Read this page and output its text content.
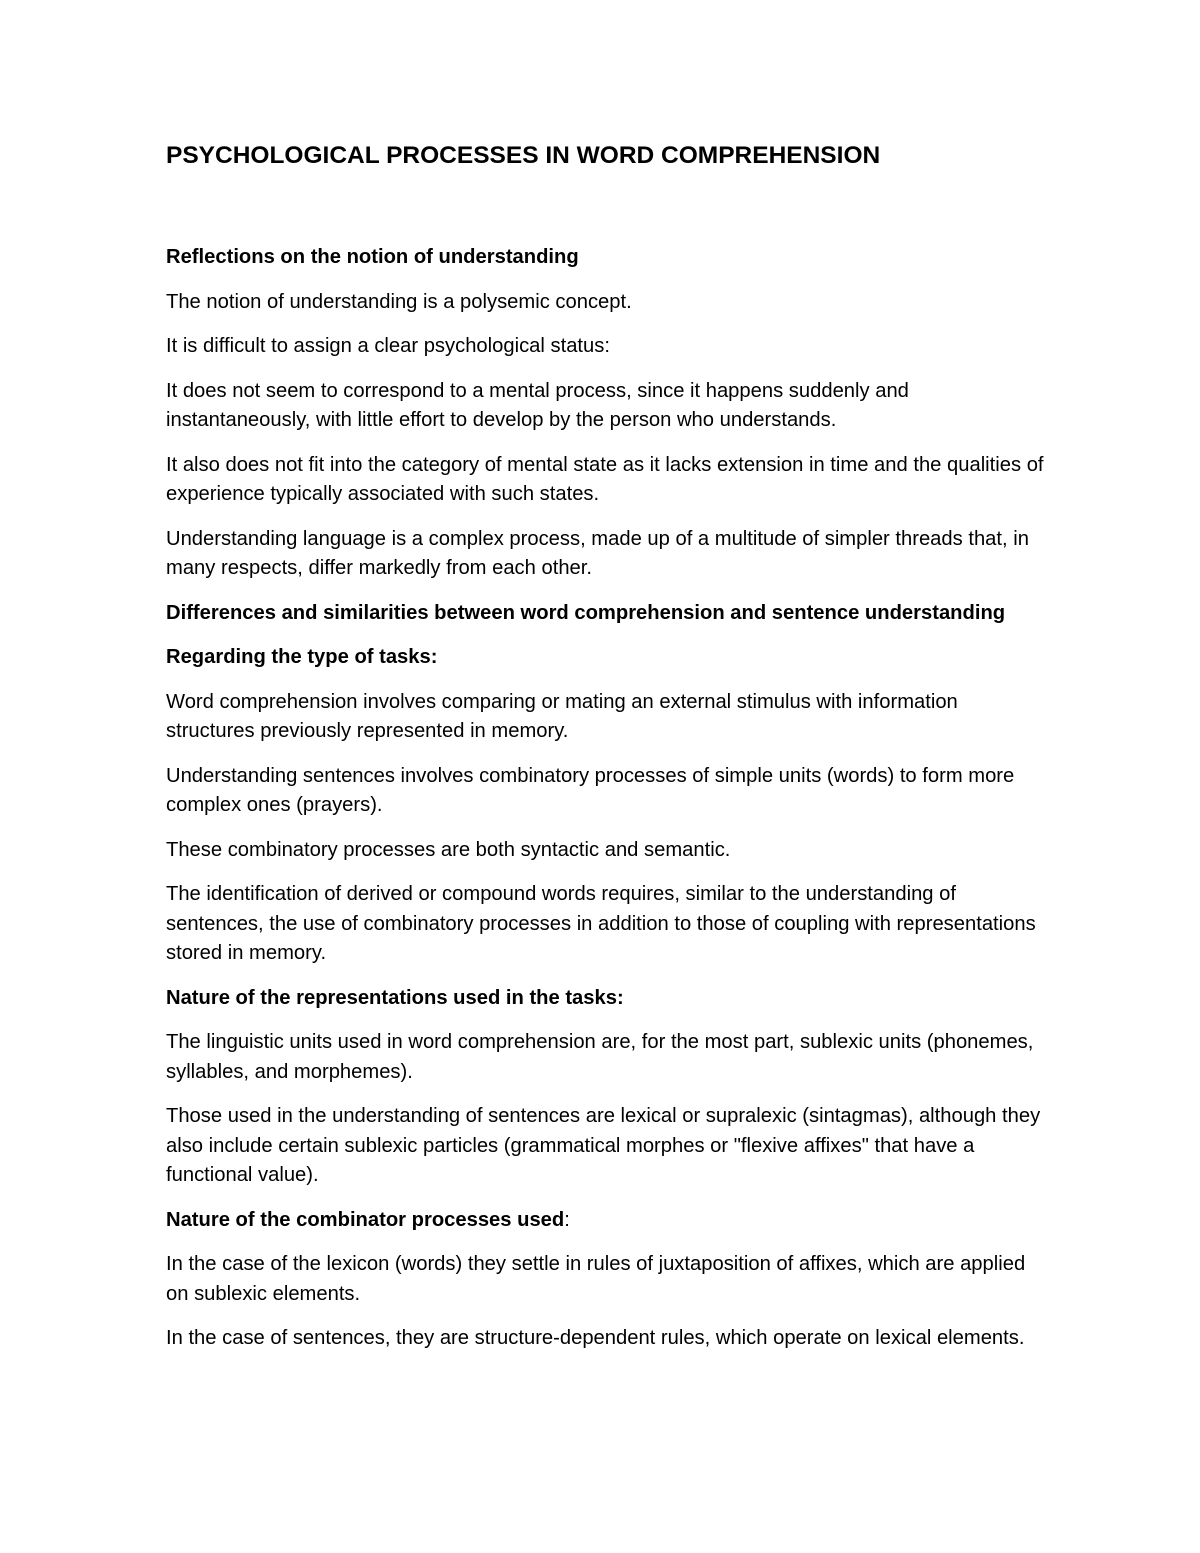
PSYCHOLOGICAL PROCESSES IN WORD COMPREHENSION

Reflections on the notion of understanding

The notion of understanding is a polysemic concept.

It is difficult to assign a clear psychological status:

It does not seem to correspond to a mental process, since it happens suddenly and instantaneously, with little effort to develop by the person who understands.

It also does not fit into the category of mental state as it lacks extension in time and the qualities of experience typically associated with such states.

Understanding language is a complex process, made up of a multitude of simpler threads that, in many respects, differ markedly from each other.

Differences and similarities between word comprehension and sentence understanding

Regarding the type of tasks:

Word comprehension involves comparing or mating an external stimulus with information structures previously represented in memory.

Understanding sentences involves combinatory processes of simple units (words) to form more complex ones (prayers).

These combinatory processes are both syntactic and semantic.

The identification of derived or compound words requires, similar to the understanding of sentences, the use of combinatory processes in addition to those of coupling with representations stored in memory.

Nature of the representations used in the tasks:

The linguistic units used in word comprehension are, for the most part, sublexic units (phonemes, syllables, and morphemes).

Those used in the understanding of sentences are lexical or supralexic (sintagmas), although they also include certain sublexic particles (grammatical morphes or "flexive affixes" that have a functional value).

Nature of the combinator processes used:

In the case of the lexicon (words) they settle in rules of juxtaposition of affixes, which are applied on sublexic elements.

In the case of sentences, they are structure-dependent rules, which operate on lexical elements.
